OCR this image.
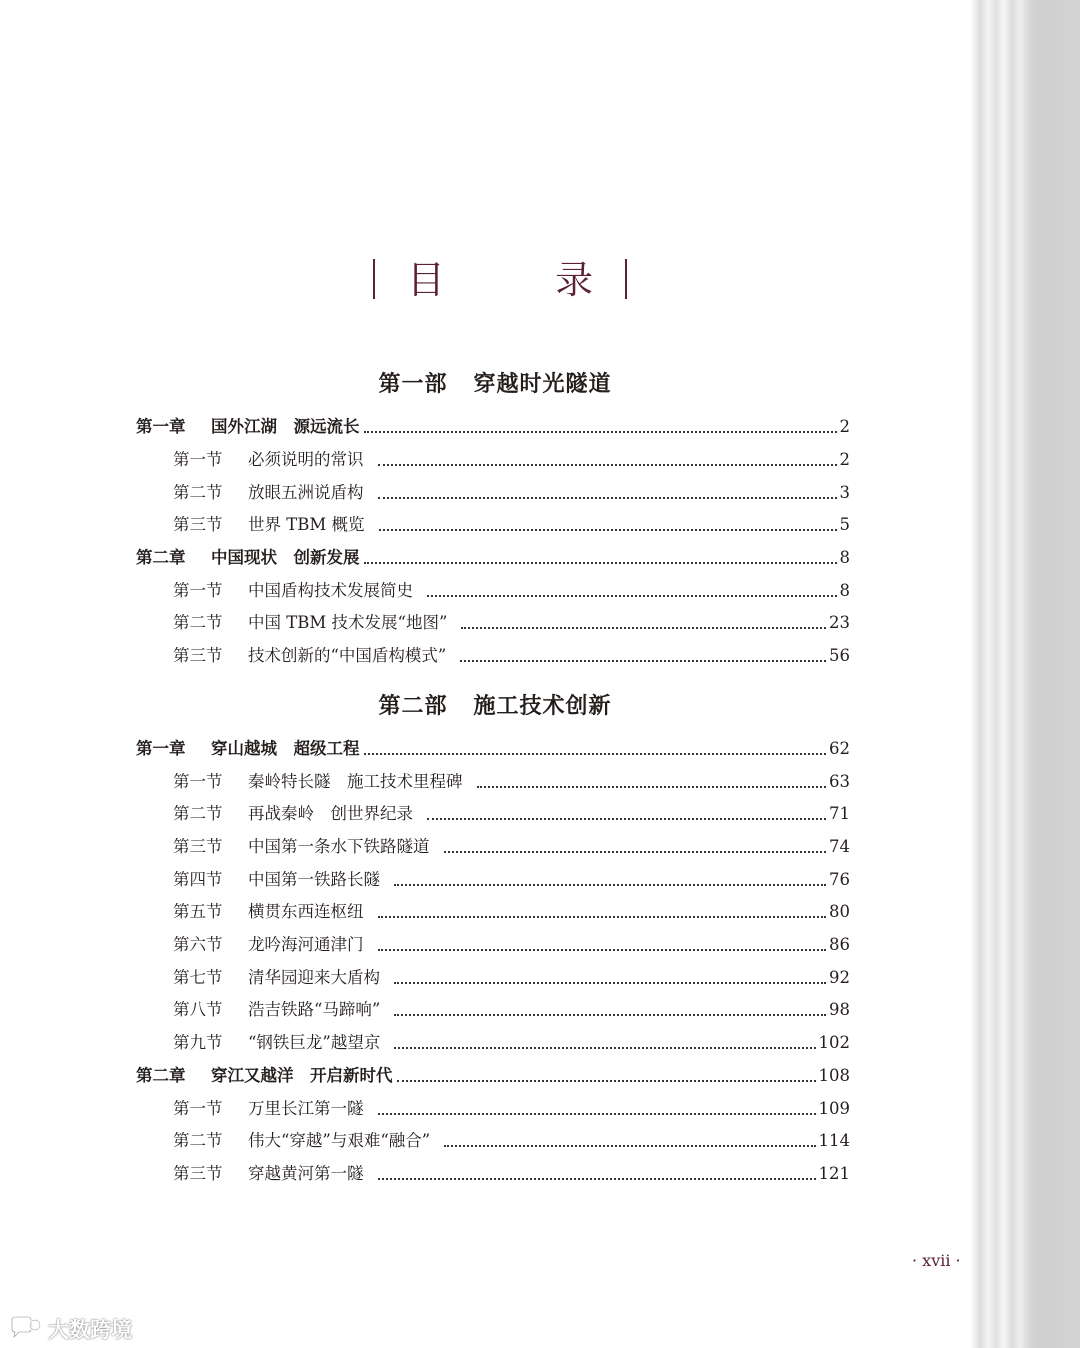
目	录
第一部 穿越时光隧道
第一章	国外江湖　源远流长	2
第一节	必须说明的常识	2
第二节	放眼五洲说盾构	3
第三节	世界 TBM 概览	5
第二章	中国现状　创新发展	8
第一节	中国盾构技术发展简史	8
第二节	中国 TBM 技术发展“地图”	23
第三节	技术创新的“中国盾构模式”	56
第二部 施工技术创新
第一章	穿山越城　超级工程	62
第一节	秦岭特长隧　施工技术里程碑	63
第二节	再战秦岭　创世界纪录	71
第三节	中国第一条水下铁路隧道	74
第四节	中国第一铁路长隧	76
第五节	横贯东西连枢纽	80
第六节	龙吟海河通津门	86
第七节	清华园迎来大盾构	92
第八节	浩吉铁路“马蹄响”	98
第九节	“钢铁巨龙”越望京	102
第二章	穿江又越洋　开启新时代	108
第一节	万里长江第一隧	109
第二节	伟大“穿越”与艰难“融合”	114
第三节	穿越黄河第一隧	121
· xvii ·
大数跨境
